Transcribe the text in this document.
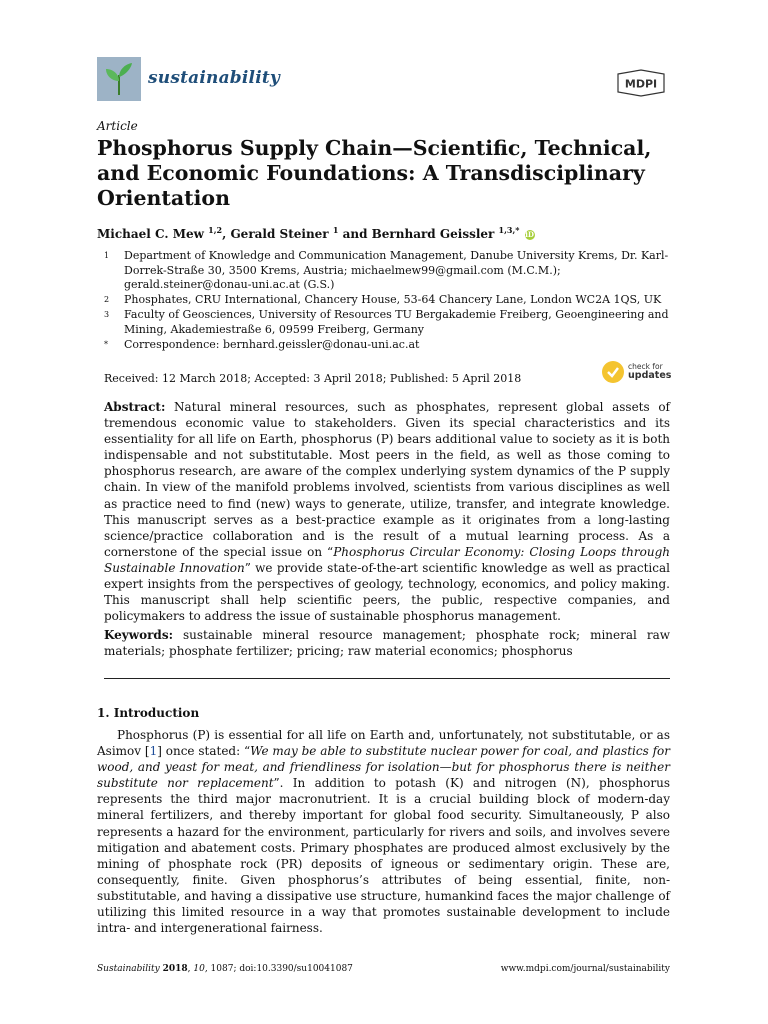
sustainability	MDPI
Article
Phosphorus Supply Chain—Scientific, Technical, and Economic Foundations: A Transdisciplinary Orientation
Michael C. Mew $^{1,2}$, Gerald Steiner $^1$ and Bernhard Geissler $^{1,3,*}$ iD
1 Department of Knowledge and Communication Management, Danube University Krems, Dr. Karl-Dorrek-Straße 30, 3500 Krems, Austria; michaelmew99@gmail.com (M.C.M.); gerald.steiner@donau-uni.ac.at (G.S.)
2 Phosphates, CRU International, Chancery House, 53-64 Chancery Lane, London WC2A 1QS, UK
3 Faculty of Geosciences, University of Resources TU Bergakademie Freiberg, Geoengineering and Mining, Akademiestraße 6, 09599 Freiberg, Germany
* Correspondence: bernhard.geissler@donau-uni.ac.at
Received: 12 March 2018; Accepted: 3 April 2018; Published: 5 April 2018
check for
updates
Abstract: Natural mineral resources, such as phosphates, represent global assets of tremendous economic value to stakeholders. Given its special characteristics and its essentiality for all life on Earth, phosphorus (P) bears additional value to society as it is both indispensable and not substitutable. Most peers in the field, as well as those coming to phosphorus research, are aware of the complex underlying system dynamics of the P supply chain. In view of the manifold problems involved, scientists from various disciplines as well as practice need to find (new) ways to generate, utilize, transfer, and integrate knowledge. This manuscript serves as a best-practice example as it originates from a long-lasting science/practice collaboration and is the result of a mutual learning process. As a cornerstone of the special issue on “Phosphorus Circular Economy: Closing Loops through Sustainable Innovation” we provide state-of-the-art scientific knowledge as well as practical expert insights from the perspectives of geology, technology, economics, and policy making. This manuscript shall help scientific peers, the public, respective companies, and policymakers to address the issue of sustainable phosphorus management.
Keywords: sustainable mineral resource management; phosphate rock; mineral raw materials; phosphate fertilizer; pricing; raw material economics; phosphorus
1. Introduction
Phosphorus (P) is essential for all life on Earth and, unfortunately, not substitutable, or as Asimov [1] once stated: “We may be able to substitute nuclear power for coal, and plastics for wood, and yeast for meat, and friendliness for isolation—but for phosphorus there is neither substitute nor replacement”. In addition to potash (K) and nitrogen (N), phosphorus represents the third major macronutrient. It is a crucial building block of modern-day mineral fertilizers, and thereby important for global food security. Simultaneously, P also represents a hazard for the environment, particularly for rivers and soils, and involves severe mitigation and abatement costs. Primary phosphates are produced almost exclusively by the mining of phosphate rock (PR) deposits of igneous or sedimentary origin. These are, consequently, finite. Given phosphorus’s attributes of being essential, finite, non-substitutable, and having a dissipative use structure, humankind faces the major challenge of utilizing this limited resource in a way that promotes sustainable development to include intra- and intergenerational fairness.
Sustainability 2018, 10, 1087; doi:10.3390/su10041087	www.mdpi.com/journal/sustainability
